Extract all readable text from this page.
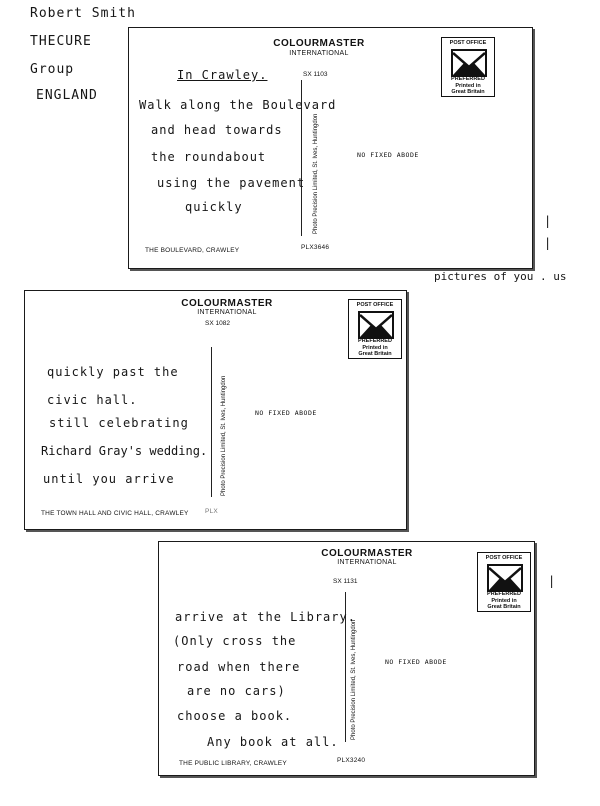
Robert Smith
THECURE
Group
ENGLAND
COLOURMASTER
INTERNATIONAL
SX 1103
Photo Precision Limited, St. Ives, Huntingdon
POST OFFICE
PREFERRED
Printed in
Great Britain
NO FIXED ABODE
In Crawley.
Walk along the Boulevard
and head towards
the roundabout
using the pavement
quickly
THE BOULEVARD, CRAWLEY	PLX3646
pictures of you . us
|
|
|
COLOURMASTER
INTERNATIONAL
SX 1082
Photo Precision Limited, St. Ives, Huntingdon
POST OFFICE
PREFERRED
Printed in
Great Britain
NO FIXED ABODE
quickly past the
civic hall.
still celebrating
Richard Gray's wedding.
until you arrive
THE TOWN HALL AND CIVIC HALL, CRAWLEY	PLX
COLOURMASTER
INTERNATIONAL
SX 1131
Photo Precision Limited, St. Ives, Huntingdon
POST OFFICE
PREFERRED
Printed in
Great Britain
NO FIXED ABODE
arrive at the Library.
(Only cross the
road when there
are no cars)
choose a book.
Any book at all.
THE PUBLIC LIBRARY, CRAWLEY	PLX3240
